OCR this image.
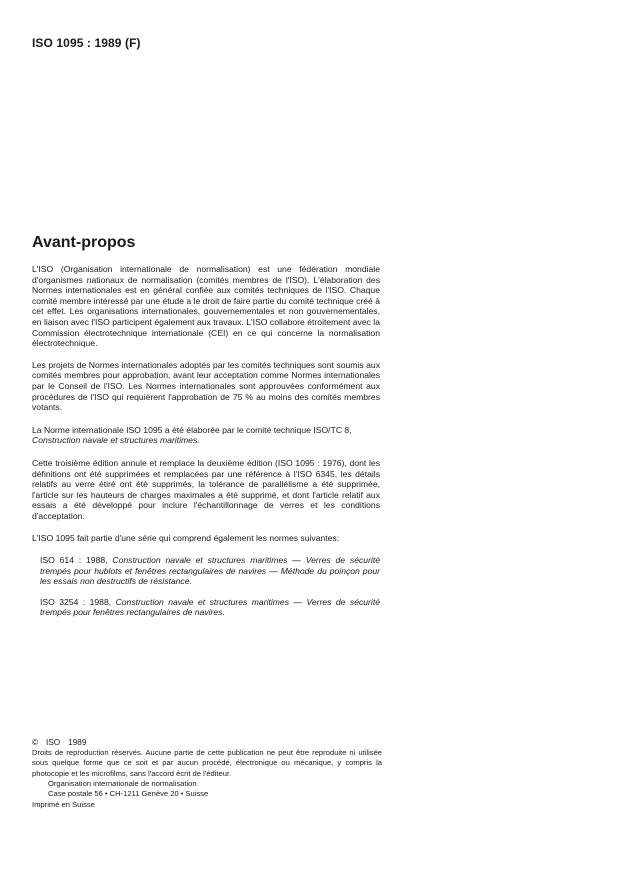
ISO 1095 : 1989 (F)
Avant-propos

L'ISO (Organisation internationale de normalisation) est une fédération mondiale d'organismes nationaux de normalisation (comités membres de l'ISO). L'élaboration des Normes internationales est en général confiée aux comités techniques de l'ISO. Chaque comité membre intéressé par une étude a le droit de faire partie du comité technique créé à cet effet. Les organisations internationales, gouvernementales et non gouvernementales, en liaison avec l'ISO participent également aux travaux. L'ISO collabore étroitement avec la Commission électrotechnique internationale (CEI) en ce qui concerne la normalisation électrotechnique.

Les projets de Normes internationales adoptés par les comités techniques sont soumis aux comités membres pour approbation, avant leur acceptation comme Normes internationales par le Conseil de l'ISO. Les Normes internationales sont approuvées conformément aux procédures de l'ISO qui requièrent l'approbation de 75 % au moins des comités membres votants.

La Norme internationale ISO 1095 a été élaborée par le comité technique ISO/TC 8,
Construction navale et structures maritimes.

Cette troisième édition annule et remplace la deuxième édition (ISO 1095 : 1976), dont les définitions ont été supprimées et remplacées par une référence à l'ISO 6345, les détails relatifs au verre étiré ont été supprimés, la tolérance de parallélisme a été supprimée, l'article sur les hauteurs de charges maximales a été supprimé, et dont l'article relatif aux essais a été développé pour inclure l'échantillonnage de verres et les conditions d'acceptation.

L'ISO 1095 fait partie d'une série qui comprend également les normes suivantes:

ISO 614 : 1988, Construction navale et structures maritimes — Verres de sécurité trempés pour hublots et fenêtres rectangulaires de navires — Méthode du poinçon pour les essais non destructifs de résistance.
ISO 3254 : 1988, Construction navale et structures maritimes — Verres de sécurité trempés pour fenêtres rectangulaires de navires.
© ISO 1989
Droits de reproduction réservés. Aucune partie de cette publication ne peut être reproduite ni utilisée sous quelque forme que ce soit et par aucun procédé, électronique ou mécanique, y compris la photocopie et les microfilms, sans l'accord écrit de l'éditeur.
Organisation internationale de normalisation
Case postale 56 • CH-1211 Genève 20 • Suisse
Imprimé en Suisse
